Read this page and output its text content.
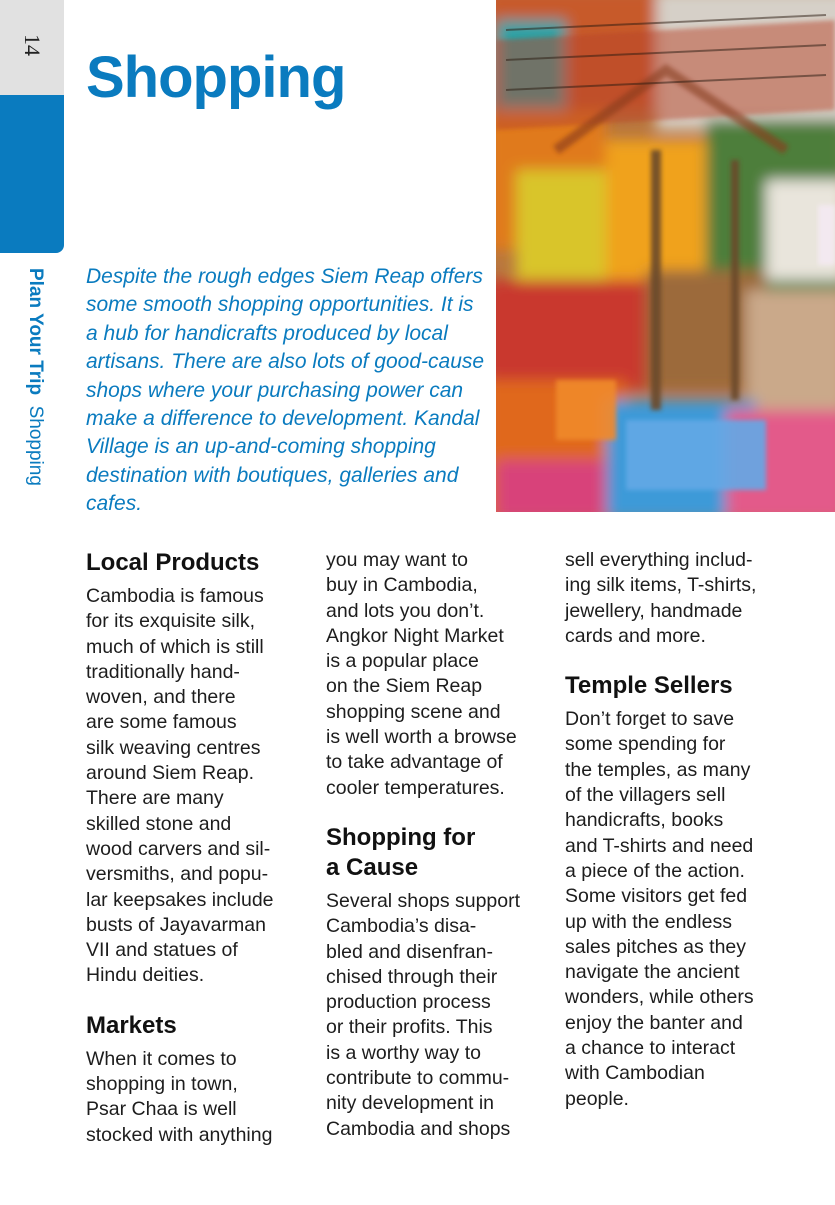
14
Plan Your Trip  Shopping
Shopping

Despite the rough edges Siem Reap offers some smooth shopping opportunities. It is a hub for handicrafts produced by local artisans. There are also lots of good-cause shops where your purchasing power can make a difference to development. Kandal Village is an up-and-coming shopping destination with boutiques, galleries and cafes.

Local Products

Cambodia is famous
for its exquisite silk,
much of which is still
traditionally hand-
woven, and there
are some famous
silk weaving centres
around Siem Reap.
There are many
skilled stone and
wood carvers and sil-
versmiths, and popu-
lar keepsakes include
busts of Jayavarman
VII and statues of
Hindu deities.

Markets

When it comes to
shopping in town,
Psar Chaa is well
stocked with anything

you may want to
buy in Cambodia,
and lots you don’t.
Angkor Night Market
is a popular place
on the Siem Reap
shopping scene and
is well worth a browse
to take advantage of
cooler temperatures.

Shopping for
a Cause

Several shops support
Cambodia’s disa-
bled and disenfran-
chised through their
production process
or their profits. This
is a worthy way to
contribute to commu-
nity development in
Cambodia and shops

sell everything includ-
ing silk items, T-shirts,
jewellery, handmade
cards and more.

Temple Sellers

Don’t forget to save
some spending for
the temples, as many
of the villagers sell
handicrafts, books
and T-shirts and need
a piece of the action.
Some visitors get fed
up with the endless
sales pitches as they
navigate the ancient
wonders, while others
enjoy the banter and
a chance to interact
with Cambodian
people.
